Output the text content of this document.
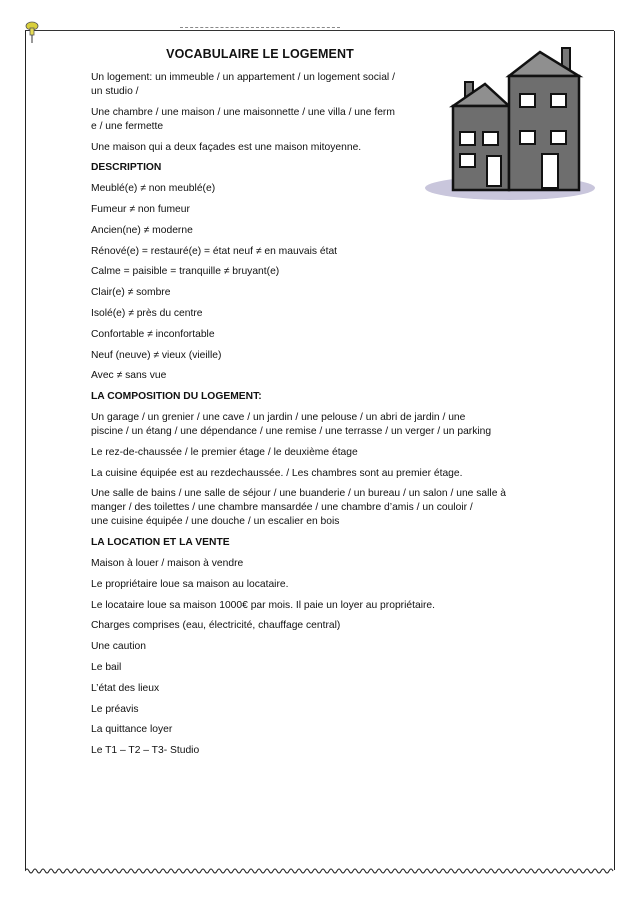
VOCABULAIRE LE LOGEMENT

Un logement: un immeuble / un appartement / un logement social /
un studio /

Une chambre / une maison / une maisonnette / une villa / une ferm
e / une fermette

Une maison qui a deux façades est une maison mitoyenne.

DESCRIPTION

Meublé(e) ≠ non meublé(e)

Fumeur ≠ non fumeur

Ancien(ne) ≠ moderne

Rénové(e) = restauré(e) = état neuf ≠ en mauvais état

Calme = paisible = tranquille ≠ bruyant(e)

Clair(e) ≠ sombre

Isolé(e) ≠ près du centre

Confortable ≠ inconfortable

Neuf (neuve) ≠ vieux (vieille)

Avec ≠ sans vue

LA COMPOSITION DU LOGEMENT:

Un garage / un grenier / une cave / un jardin / une pelouse / un abri de jardin / une
piscine / un étang / une dépendance / une remise / une terrasse / un verger / un parking

Le rez-de-chaussée / le premier étage / le deuxième étage

La cuisine équipée est au rezdechaussée. / Les chambres sont au premier étage.

Une salle de bains / une salle de séjour / une buanderie / un bureau / un salon / une salle à
manger / des toilettes / une chambre mansardée / une chambre d’amis / un couloir /
une cuisine équipée / une douche / un escalier en bois

LA LOCATION ET LA VENTE

Maison à louer / maison à vendre

Le propriétaire loue sa maison au locataire.

Le locataire loue sa maison 1000€ par mois. Il paie un loyer au propriétaire.

Charges comprises (eau, électricité, chauffage central)

Une caution

Le bail

L’état des lieux

Le préavis

La quittance loyer

Le T1 – T2 – T3- Studio
